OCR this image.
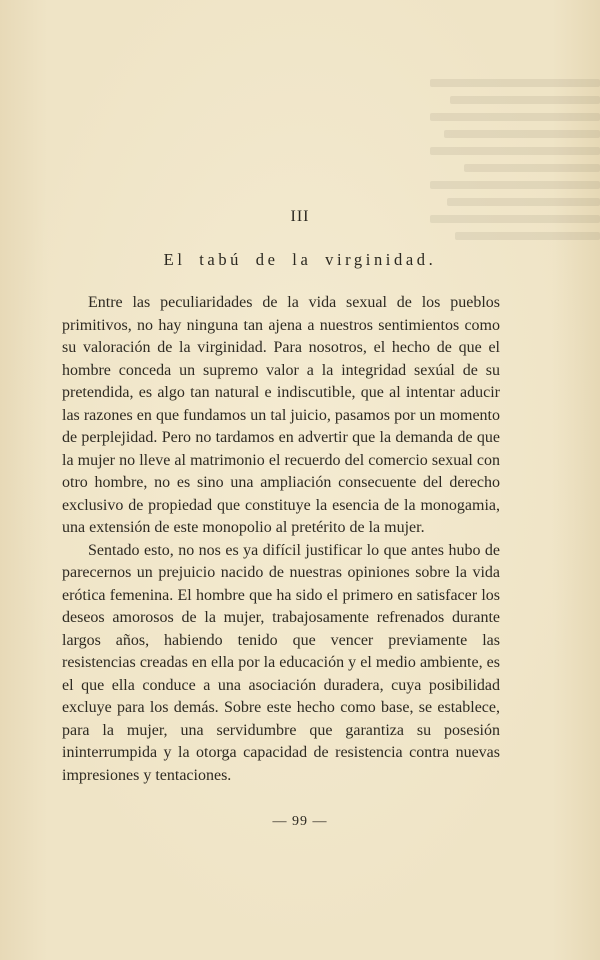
III
El tabú de la virginidad.

Entre las peculiaridades de la vida sexual de los pueblos primitivos, no hay ninguna tan ajena a nuestros sentimientos como su valoración de la virginidad. Para nosotros, el hecho de que el hombre conceda un supremo valor a la integridad sexúal de su pretendida, es algo tan natural e indiscutible, que al intentar aducir las razones en que fundamos un tal juicio, pasamos por un momento de perplejidad. Pero no tardamos en advertir que la demanda de que la mujer no lleve al matrimonio el recuerdo del comercio sexual con otro hombre, no es sino una ampliación consecuente del derecho exclusivo de propiedad que constituye la esencia de la monogamia, una extensión de este monopolio al pretérito de la mujer.

Sentado esto, no nos es ya difícil justificar lo que antes hubo de parecernos un prejuicio nacido de nuestras opiniones sobre la vida erótica femenina. El hombre que ha sido el primero en satisfacer los deseos amorosos de la mujer, trabajosamente refrenados durante largos años, habiendo tenido que vencer previamente las resistencias creadas en ella por la educación y el medio ambiente, es el que ella conduce a una asociación duradera, cuya posibilidad excluye para los demás. Sobre este hecho como base, se establece, para la mujer, una servidumbre que garantiza su posesión ininterrumpida y la otorga capacidad de resistencia contra nuevas impresiones y tentaciones.

— 99 —
